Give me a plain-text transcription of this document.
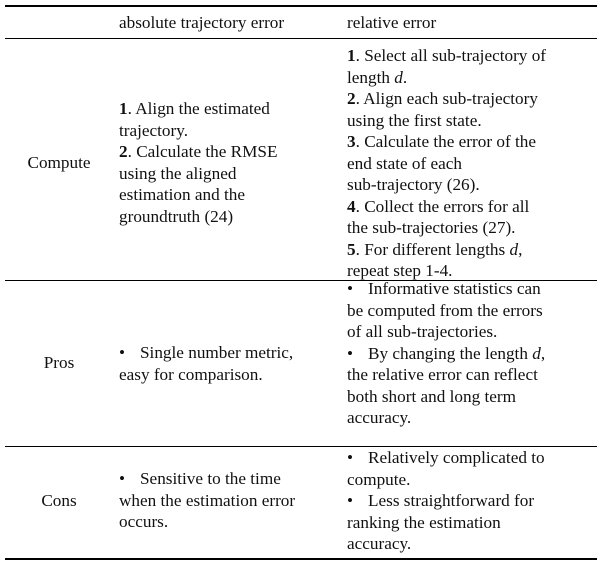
absolute trajectory error	relative error
Compute
1. Align the estimated
trajectory.
2. Calculate the RMSE
using the aligned
estimation and the
groundtruth (24)
1. Select all sub-trajectory of
length d.
2. Align each sub-trajectory
using the first state.
3. Calculate the error of the
end state of each
sub-trajectory (26).
4. Collect the errors for all
the sub-trajectories (27).
5. For different lengths d,
repeat step 1-4.
Pros
• Single number metric,
easy for comparison.
• Informative statistics can
be computed from the errors
of all sub-trajectories.
• By changing the length d,
the relative error can reflect
both short and long term
accuracy.
Cons
• Sensitive to the time
when the estimation error
occurs.
• Relatively complicated to
compute.
• Less straightforward for
ranking the estimation
accuracy.
